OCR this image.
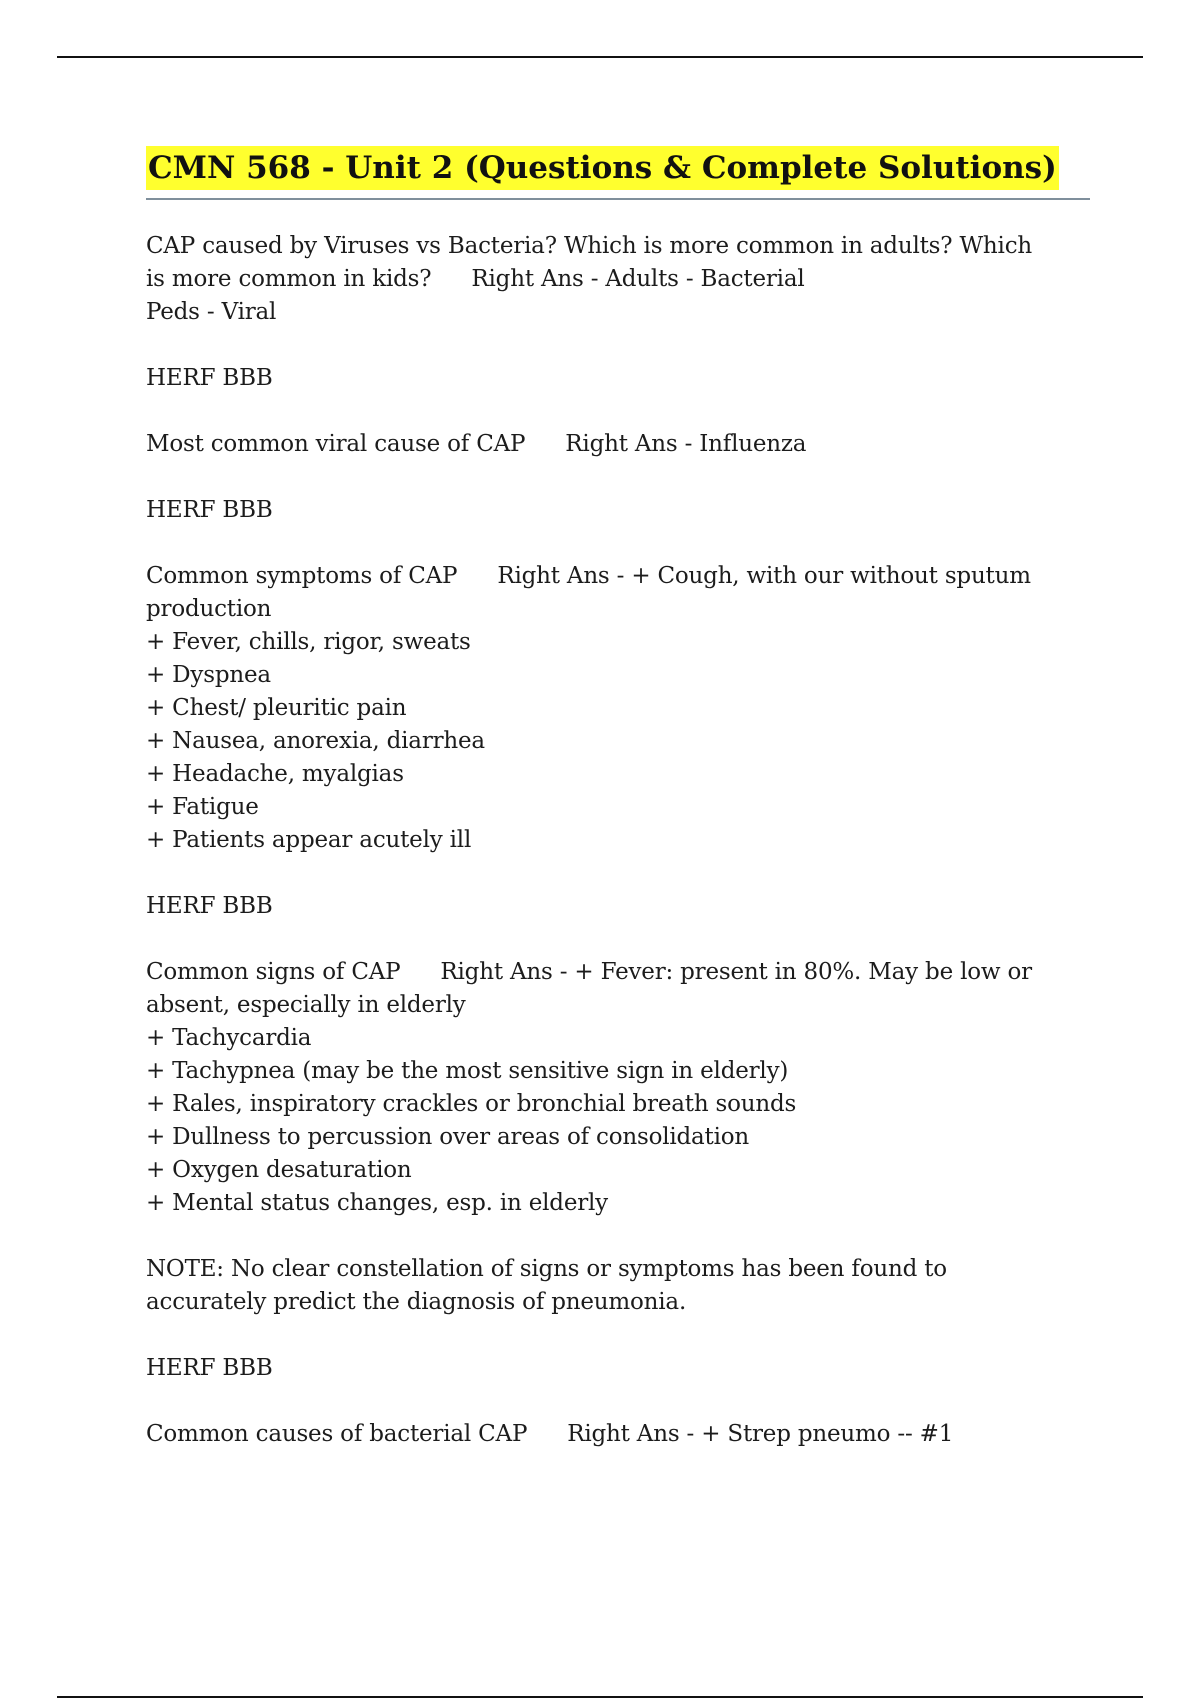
CMN 568 - Unit 2 (Questions & Complete Solutions)
CAP caused by Viruses vs Bacteria? Which is more common in adults? Which
is more common in kids? Right Ans - Adults - Bacterial
Peds - Viral
HERF BBB
Most common viral cause of CAP Right Ans - Influenza
HERF BBB
Common symptoms of CAP Right Ans - + Cough, with our without sputum
production
+ Fever, chills, rigor, sweats
+ Dyspnea
+ Chest/ pleuritic pain
+ Nausea, anorexia, diarrhea
+ Headache, myalgias
+ Fatigue
+ Patients appear acutely ill
HERF BBB
Common signs of CAP Right Ans - + Fever: present in 80%. May be low or
absent, especially in elderly
+ Tachycardia
+ Tachypnea (may be the most sensitive sign in elderly)
+ Rales, inspiratory crackles or bronchial breath sounds
+ Dullness to percussion over areas of consolidation
+ Oxygen desaturation
+ Mental status changes, esp. in elderly
NOTE: No clear constellation of signs or symptoms has been found to
accurately predict the diagnosis of pneumonia.
HERF BBB
Common causes of bacterial CAP Right Ans - + Strep pneumo -- #1
